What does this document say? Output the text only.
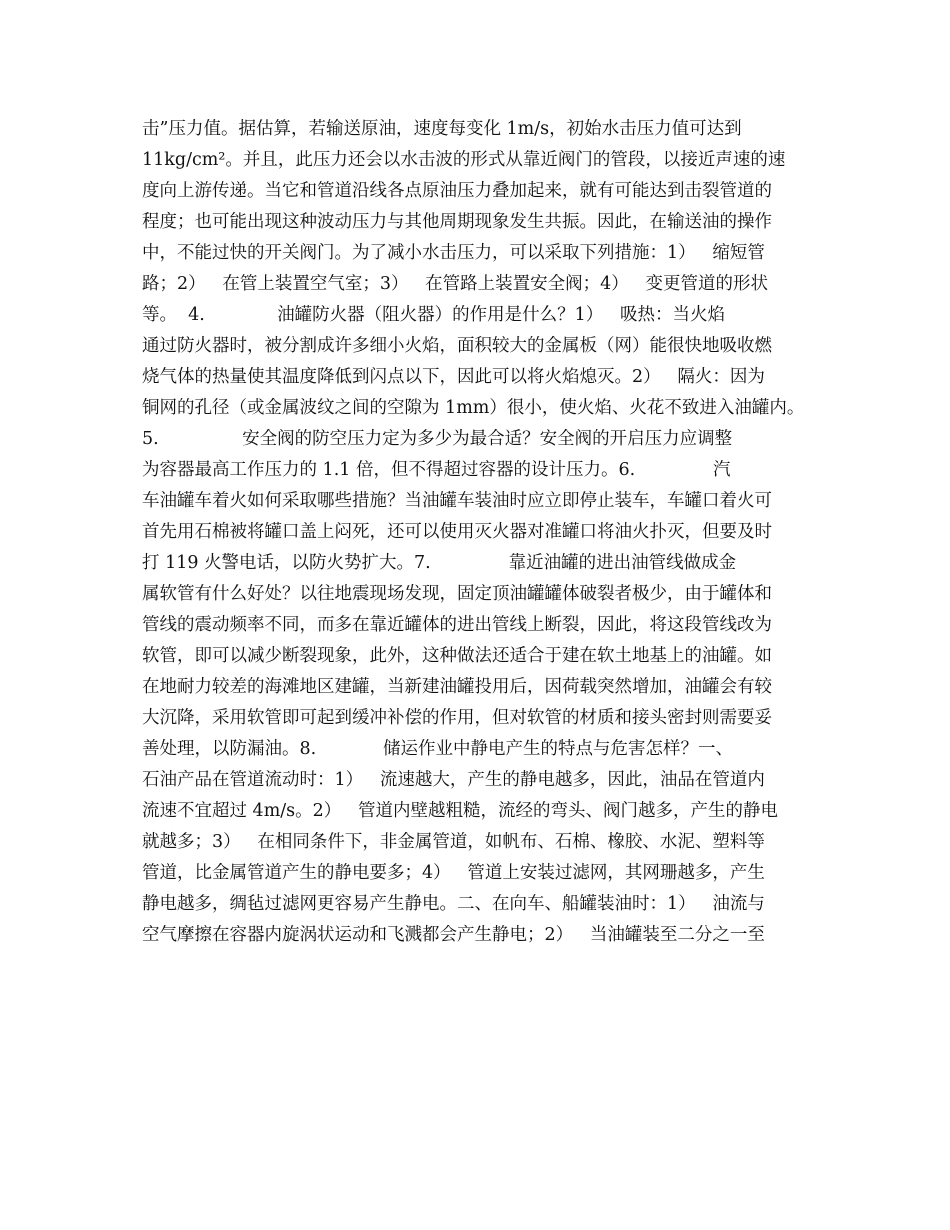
击”压力值。据估算，若输送原油，速度每变化 1m/s，初始水击压力值可达到
11kg/cm²。并且，此压力还会以水击波的形式从靠近阀门的管段，以接近声速的速
度向上游传递。当它和管道沿线各点原油压力叠加起来，就有可能达到击裂管道的
程度；也可能出现这种波动压力与其他周期现象发生共振。因此，在输送油的操作
中，不能过快的开关阀门。为了减小水击压力，可以采取下列措施：1）   缩短管
路；2）   在管上装置空气室；3）   在管路上装置安全阀；4）   变更管道的形状
等。  4.             油罐防火器（阻火器）的作用是什么？1）   吸热：当火焰
通过防火器时，被分割成许多细小火焰，面积较大的金属板（网）能很快地吸收燃
烧气体的热量使其温度降低到闪点以下，因此可以将火焰熄灭。2）   隔火：因为
铜网的孔径（或金属波纹之间的空隙为 1mm）很小，使火焰、火花不致进入油罐内。
5.               安全阀的防空压力定为多少为最合适？安全阀的开启压力应调整
为容器最高工作压力的 1.1 倍，但不得超过容器的设计压力。6.              汽
车油罐车着火如何采取哪些措施？当油罐车装油时应立即停止装车，车罐口着火可
首先用石棉被将罐口盖上闷死，还可以使用灭火器对准罐口将油火扑灭，但要及时
打 119 火警电话，以防火势扩大。7.              靠近油罐的进出油管线做成金
属软管有什么好处？以往地震现场发现，固定顶油罐罐体破裂者极少，由于罐体和
管线的震动频率不同，而多在靠近罐体的进出管线上断裂，因此，将这段管线改为
软管，即可以减少断裂现象，此外，这种做法还适合于建在软土地基上的油罐。如
在地耐力较差的海滩地区建罐，当新建油罐投用后，因荷载突然增加，油罐会有较
大沉降，采用软管即可起到缓冲补偿的作用，但对软管的材质和接头密封则需要妥
善处理，以防漏油。8.            储运作业中静电产生的特点与危害怎样？一、
石油产品在管道流动时：1）   流速越大，产生的静电越多，因此，油品在管道内
流速不宜超过 4m/s。2）   管道内壁越粗糙，流经的弯头、阀门越多，产生的静电
就越多；3）   在相同条件下，非金属管道，如帆布、石棉、橡胶、水泥、塑料等
管道，比金属管道产生的静电要多；4）   管道上安装过滤网，其网珊越多，产生
静电越多，绸毡过滤网更容易产生静电。二、在向车、船罐装油时：1）   油流与
空气摩擦在容器内旋涡状运动和飞溅都会产生静电；2）   当油罐装至二分之一至
